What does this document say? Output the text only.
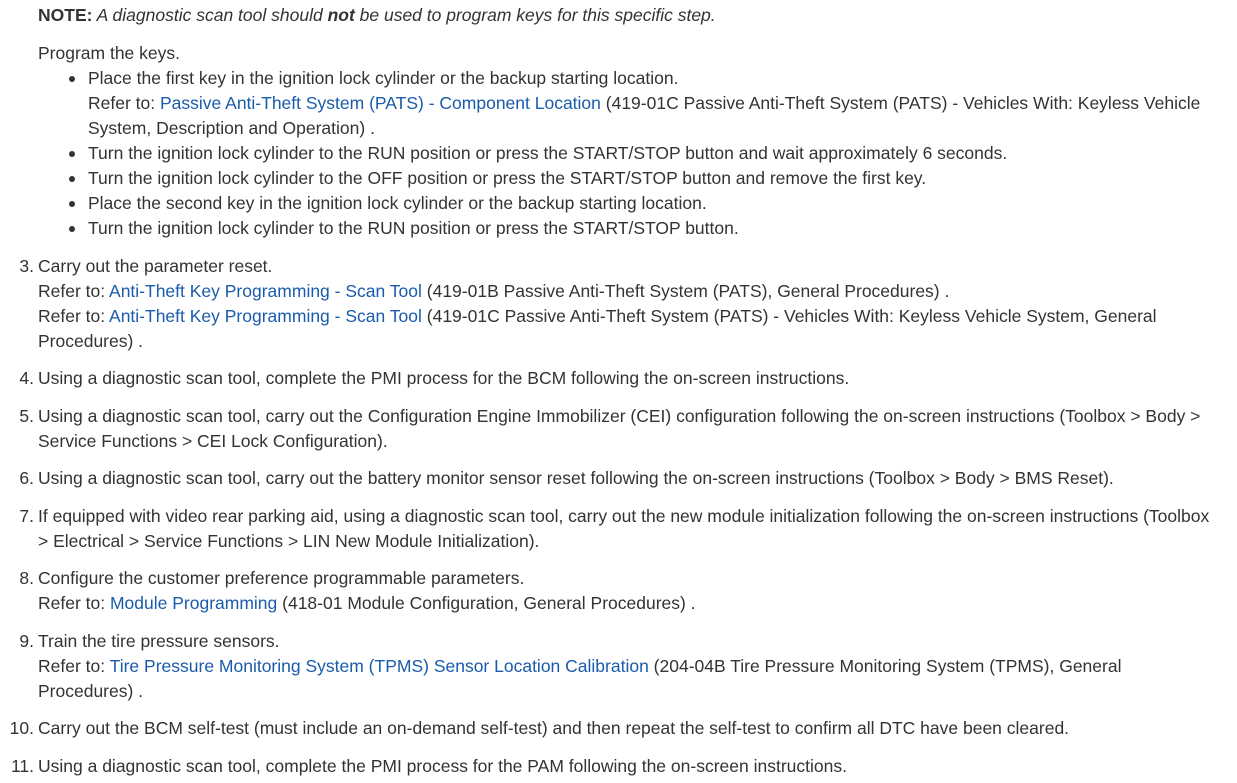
NOTE: A diagnostic scan tool should not be used to program keys for this specific step.
Program the keys.
Place the first key in the ignition lock cylinder or the backup starting location.
Refer to: Passive Anti-Theft System (PATS) - Component Location (419-01C Passive Anti-Theft System (PATS) - Vehicles With: Keyless Vehicle System, Description and Operation) .
Turn the ignition lock cylinder to the RUN position or press the START/STOP button and wait approximately 6 seconds.
Turn the ignition lock cylinder to the OFF position or press the START/STOP button and remove the first key.
Place the second key in the ignition lock cylinder or the backup starting location.
Turn the ignition lock cylinder to the RUN position or press the START/STOP button.
3. Carry out the parameter reset.
Refer to: Anti-Theft Key Programming - Scan Tool (419-01B Passive Anti-Theft System (PATS), General Procedures) .
Refer to: Anti-Theft Key Programming - Scan Tool (419-01C Passive Anti-Theft System (PATS) - Vehicles With: Keyless Vehicle System, General Procedures) .
4. Using a diagnostic scan tool, complete the PMI process for the BCM following the on-screen instructions.
5. Using a diagnostic scan tool, carry out the Configuration Engine Immobilizer (CEI) configuration following the on-screen instructions (Toolbox > Body > Service Functions > CEI Lock Configuration).
6. Using a diagnostic scan tool, carry out the battery monitor sensor reset following the on-screen instructions (Toolbox > Body > BMS Reset).
7. If equipped with video rear parking aid, using a diagnostic scan tool, carry out the new module initialization following the on-screen instructions (Toolbox > Electrical > Service Functions > LIN New Module Initialization).
8. Configure the customer preference programmable parameters.
Refer to: Module Programming (418-01 Module Configuration, General Procedures) .
9. Train the tire pressure sensors.
Refer to: Tire Pressure Monitoring System (TPMS) Sensor Location Calibration (204-04B Tire Pressure Monitoring System (TPMS), General Procedures) .
10. Carry out the BCM self-test (must include an on-demand self-test) and then repeat the self-test to confirm all DTC have been cleared.
11. Using a diagnostic scan tool, complete the PMI process for the PAM following the on-screen instructions.
